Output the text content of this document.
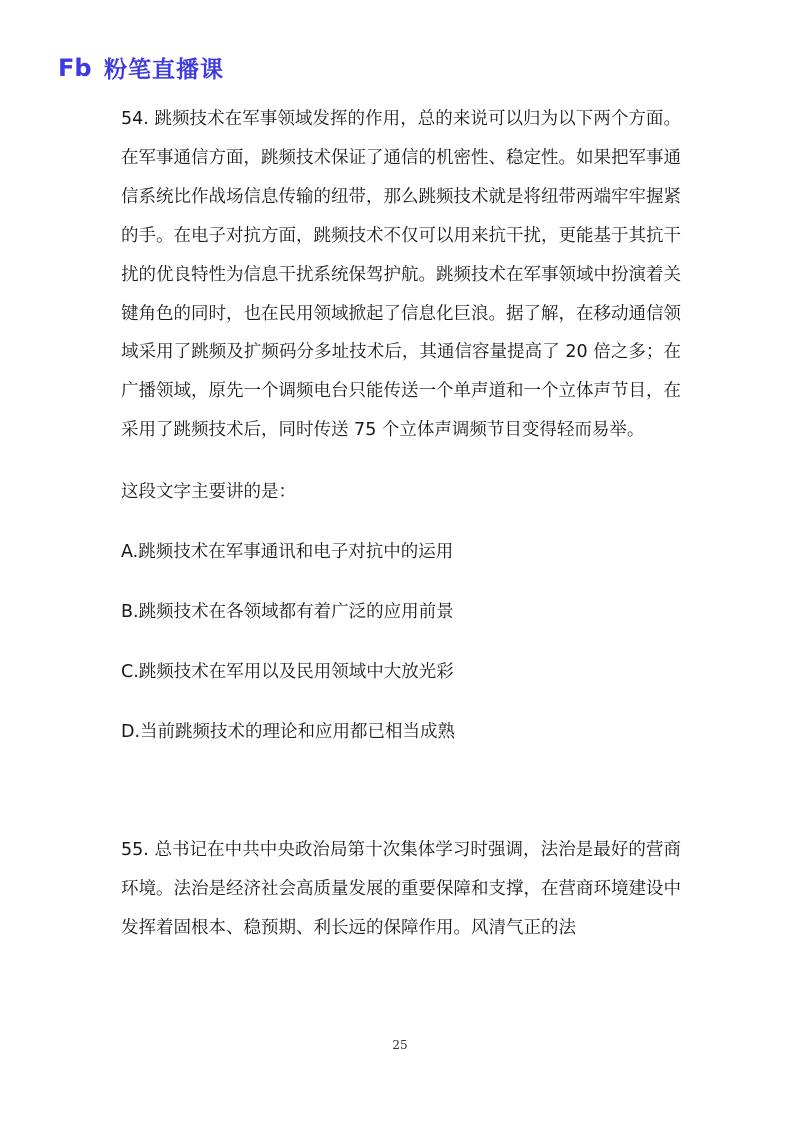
Fb 粉笔直播课

54. 跳频技术在军事领域发挥的作用，总的来说可以归为以下两个方面。在军事通信方面，跳频技术保证了通信的机密性、稳定性。如果把军事通信系统比作战场信息传输的纽带，那么跳频技术就是将纽带两端牢牢握紧的手。在电子对抗方面，跳频技术不仅可以用来抗干扰，更能基于其抗干扰的优良特性为信息干扰系统保驾护航。跳频技术在军事领域中扮演着关键角色的同时，也在民用领域掀起了信息化巨浪。据了解，在移动通信领域采用了跳频及扩频码分多址技术后，其通信容量提高了 20 倍之多；在广播领域，原先一个调频电台只能传送一个单声道和一个立体声节目，在采用了跳频技术后，同时传送 75 个立体声调频节目变得轻而易举。

这段文字主要讲的是：

A.跳频技术在军事通讯和电子对抗中的运用
B.跳频技术在各领域都有着广泛的应用前景
C.跳频技术在军用以及民用领域中大放光彩
D.当前跳频技术的理论和应用都已相当成熟

55. 总书记在中共中央政治局第十次集体学习时强调，法治是最好的营商环境。法治是经济社会高质量发展的重要保障和支撑，在营商环境建设中发挥着固根本、稳预期、利长远的保障作用。风清气正的法

25
